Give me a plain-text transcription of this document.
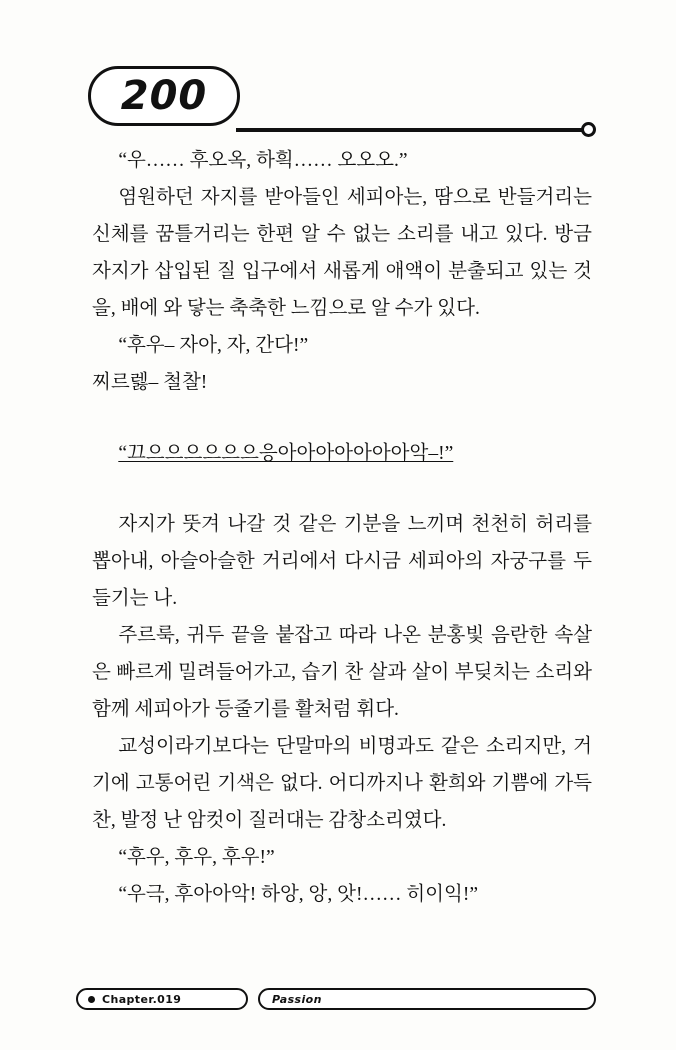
200

“우…… 후오옥, 하흭…… 오오오.”

염원하던 자지를 받아들인 세피아는, 땀으로 반들거리는 신체를 꿈틀거리는 한편 알 수 없는 소리를 내고 있다. 방금 자지가 삽입된 질 입구에서 새롭게 애액이 분출되고 있는 것을, 배에 와 닿는 축축한 느낌으로 알 수가 있다.

“후우– 자아, 자, 간다!”

찌르렗– 철찰!

“끄으으으으으으응아아아아아아아악–!”

자지가 뚯겨 나갈 것 같은 기분을 느끼며 천천히 허리를 뽑아내, 아슬아슬한 거리에서 다시금 세피아의 자궁구를 두들기는 나.

주르룩, 귀두 끝을 붙잡고 따라 나온 분홍빛 음란한 속살은 빠르게 밀려들어가고, 습기 찬 살과 살이 부딪치는 소리와 함께 세피아가 등줄기를 활처럼 휘다.

교성이라기보다는 단말마의 비명과도 같은 소리지만, 거기에 고통어린 기색은 없다. 어디까지나 환희와 기쁨에 가득 찬, 발정 난 암컷이 질러대는 감창소리였다.

“후우, 후우, 후우!”

“우극, 후아아악! 하앙, 앙, 앗!…… 히이익!”

Chapter.019	Passion
